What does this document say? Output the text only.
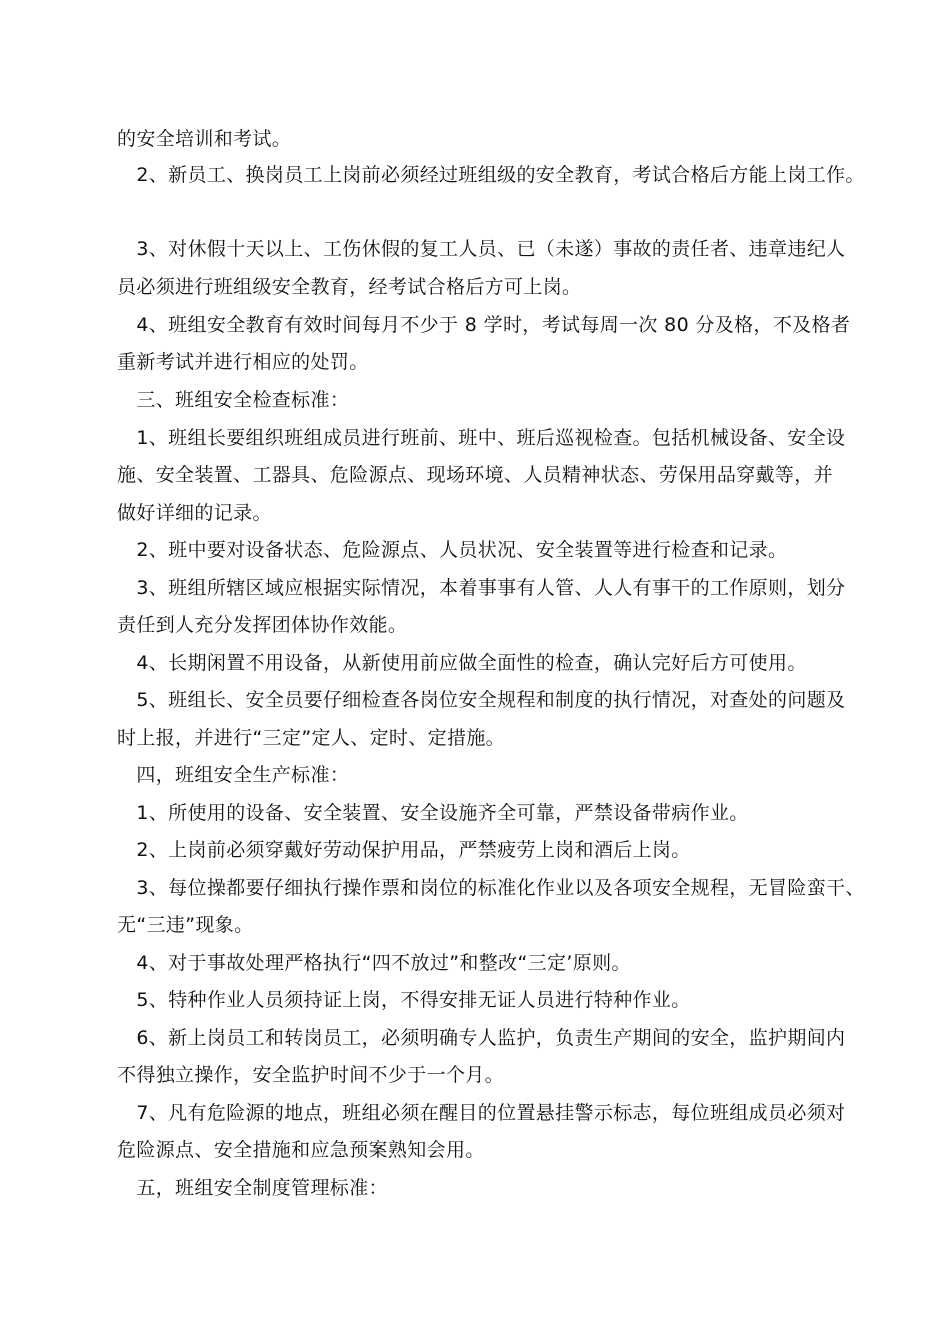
的安全培训和考试。
　2、新员工、换岗员工上岗前必须经过班组级的安全教育，考试合格后方能上岗工作。
　3、对休假十天以上、工伤休假的复工人员、已（未遂）事故的责任者、违章违纪人
员必须进行班组级安全教育，经考试合格后方可上岗。
　4、班组安全教育有效时间每月不少于 8 学时，考试每周一次 80 分及格，不及格者
重新考试并进行相应的处罚。
　三、班组安全检查标准：
　1、班组长要组织班组成员进行班前、班中、班后巡视检查。包括机械设备、安全设
施、安全装置、工器具、危险源点、现场环境、人员精神状态、劳保用品穿戴等，并
做好详细的记录。
　2、班中要对设备状态、危险源点、人员状况、安全装置等进行检查和记录。
　3、班组所辖区域应根据实际情况，本着事事有人管、人人有事干的工作原则，划分
责任到人充分发挥团体协作效能。
　4、长期闲置不用设备，从新使用前应做全面性的检查，确认完好后方可使用。
　5、班组长、安全员要仔细检查各岗位安全规程和制度的执行情况，对查处的问题及
时上报，并进行“三定”定人、定时、定措施。
　四，班组安全生产标准：
　1、所使用的设备、安全装置、安全设施齐全可靠，严禁设备带病作业。
　2、上岗前必须穿戴好劳动保护用品，严禁疲劳上岗和酒后上岗。
　3、每位操都要仔细执行操作票和岗位的标准化作业以及各项安全规程，无冒险蛮干、
无“三违”现象。
　4、对于事故处理严格执行“四不放过”和整改“三定’原则。
　5、特种作业人员须持证上岗，不得安排无证人员进行特种作业。
　6、新上岗员工和转岗员工，必须明确专人监护，负责生产期间的安全，监护期间内
不得独立操作，安全监护时间不少于一个月。
　7、凡有危险源的地点，班组必须在醒目的位置悬挂警示标志，每位班组成员必须对
危险源点、安全措施和应急预案熟知会用。
　五，班组安全制度管理标准：
